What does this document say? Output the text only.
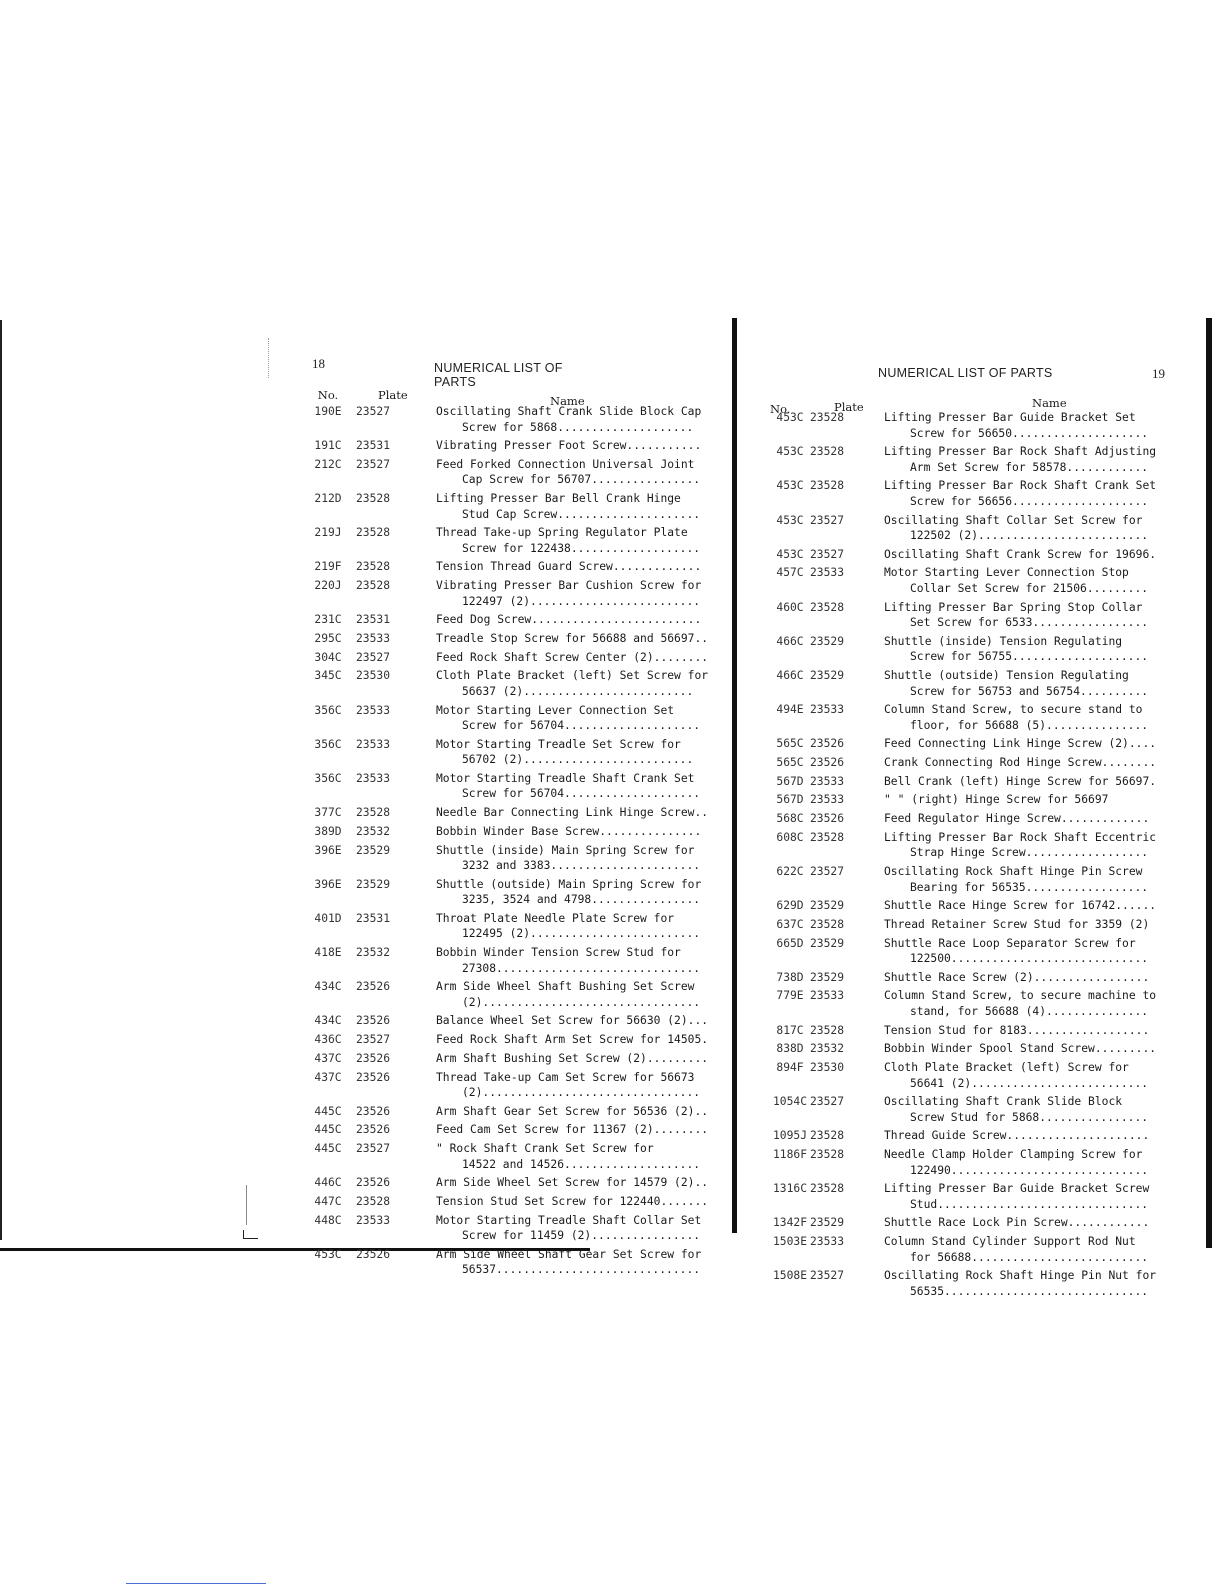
18	NUMERICAL LIST OF PARTS
No.	Plate	Name
190E	23527	Oscillating Shaft Crank Slide Block Cap
Screw for 5868....................
191C	23531	Vibrating Presser Foot Screw...........
212C	23527	Feed Forked Connection Universal Joint
Cap Screw for 56707................
212D	23528	Lifting Presser Bar Bell Crank Hinge
Stud Cap Screw.....................
219J	23528	Thread Take-up Spring Regulator Plate
Screw for 122438...................
219F	23528	Tension Thread Guard Screw.............
220J	23528	Vibrating Presser Bar Cushion Screw for
122497 (2).........................
231C	23531	Feed Dog Screw.........................
295C	23533	Treadle Stop Screw for 56688 and 56697..
304C	23527	Feed Rock Shaft Screw Center (2)........
345C	23530	Cloth Plate Bracket (left) Set Screw for
56637 (2).........................
356C	23533	Motor Starting Lever Connection Set
Screw for 56704....................
356C	23533	Motor Starting Treadle Set Screw for
56702 (2).........................
356C	23533	Motor Starting Treadle Shaft Crank Set
Screw for 56704....................
377C	23528	Needle Bar Connecting Link Hinge Screw..
389D	23532	Bobbin Winder Base Screw...............
396E	23529	Shuttle (inside) Main Spring Screw for
3232 and 3383......................
396E	23529	Shuttle (outside) Main Spring Screw for
3235, 3524 and 4798................
401D	23531	Throat Plate Needle Plate Screw for
122495 (2).........................
418E	23532	Bobbin Winder Tension Screw Stud for
27308..............................
434C	23526	Arm Side Wheel Shaft Bushing Set Screw
(2)................................
434C	23526	Balance Wheel Set Screw for 56630 (2)...
436C	23527	Feed Rock Shaft Arm Set Screw for 14505.
437C	23526	Arm Shaft Bushing Set Screw (2).........
437C	23526	Thread Take-up Cam Set Screw for 56673
(2)................................
445C	23526	Arm Shaft Gear Set Screw for 56536 (2)..
445C	23526	Feed Cam Set Screw for 11367 (2)........
445C	23527	" Rock Shaft Crank Set Screw for
14522 and 14526....................
446C	23526	Arm Side Wheel Set Screw for 14579 (2)..
447C	23528	Tension Stud Set Screw for 122440.......
448C	23533	Motor Starting Treadle Shaft Collar Set
Screw for 11459 (2)................
453C	23526	Arm Side Wheel Shaft Gear Set Screw for
56537..............................
NUMERICAL LIST OF PARTS	19
No.	Plate	Name
453C 23528	Lifting Presser Bar Guide Bracket Set
Screw for 56650....................
453C 23528	Lifting Presser Bar Rock Shaft Adjusting
Arm Set Screw for 58578............
453C 23528	Lifting Presser Bar Rock Shaft Crank Set
Screw for 56656....................
453C 23527	Oscillating Shaft Collar Set Screw for
122502 (2).........................
453C 23527	Oscillating Shaft Crank Screw for 19696.
457C 23533	Motor Starting Lever Connection Stop
Collar Set Screw for 21506.........
460C 23528	Lifting Presser Bar Spring Stop Collar
Set Screw for 6533.................
466C 23529	Shuttle (inside) Tension Regulating
Screw for 56755....................
466C 23529	Shuttle (outside) Tension Regulating
Screw for 56753 and 56754..........
494E 23533	Column Stand Screw, to secure stand to
floor, for 56688 (5)...............
565C 23526	Feed Connecting Link Hinge Screw (2)....
565C 23526	Crank Connecting Rod Hinge Screw........
567D 23533	Bell Crank (left) Hinge Screw for 56697.
567D 23533	" " (right) Hinge Screw for 56697
568C 23526	Feed Regulator Hinge Screw.............
608C 23528	Lifting Presser Bar Rock Shaft Eccentric
Strap Hinge Screw..................
622C 23527	Oscillating Rock Shaft Hinge Pin Screw
Bearing for 56535..................
629D 23529	Shuttle Race Hinge Screw for 16742......
637C 23528	Thread Retainer Screw Stud for 3359 (2)
665D 23529	Shuttle Race Loop Separator Screw for
122500.............................
738D 23529	Shuttle Race Screw (2).................
779E 23533	Column Stand Screw, to secure machine to
stand, for 56688 (4)...............
817C 23528	Tension Stud for 8183..................
838D 23532	Bobbin Winder Spool Stand Screw.........
894F 23530	Cloth Plate Bracket (left) Screw for
56641 (2)..........................
1054C 23527	Oscillating Shaft Crank Slide Block
Screw Stud for 5868................
1095J 23528	Thread Guide Screw.....................
1186F 23528	Needle Clamp Holder Clamping Screw for
122490.............................
1316C 23528	Lifting Presser Bar Guide Bracket Screw
Stud...............................
1342F 23529	Shuttle Race Lock Pin Screw............
1503E 23533	Column Stand Cylinder Support Rod Nut
for 56688..........................
1508E 23527	Oscillating Rock Shaft Hinge Pin Nut for
56535..............................
